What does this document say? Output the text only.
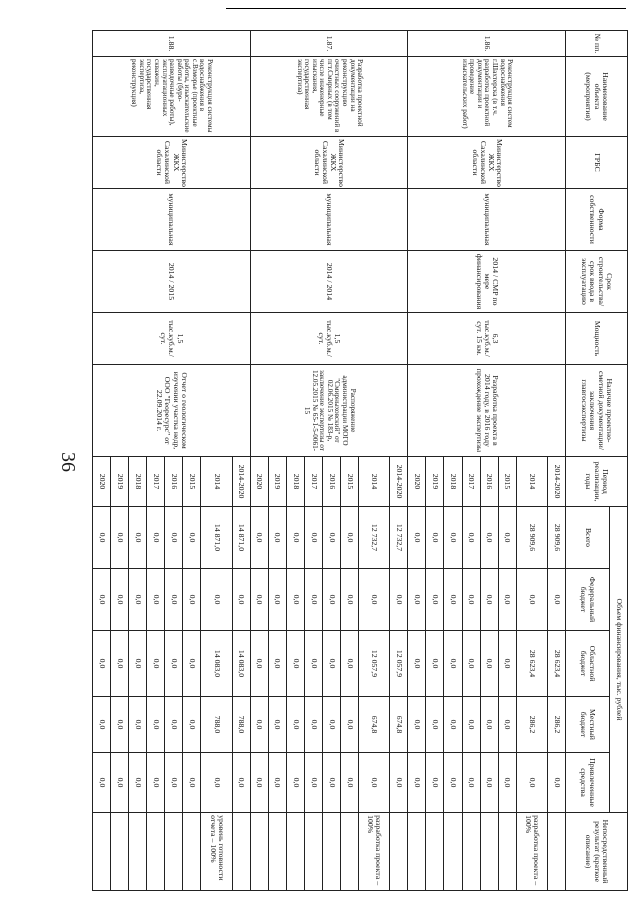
36
№ пп.	Наименование объекта (мероприятия)	ГРБС	Форма собственности	Срок строительства/ срок ввода в эксплуатацию	Мощность	Наличие проектно-сметной документации/ заключения главгосэкспертизы	Период реализации, годы	Объем финансирования, тыс. рублей					Непосредственный результат (краткое описание)
								Всего	Федеральный бюджет	Областной бюджет	Местный бюджет	Привлеченные средства	
1.86.	Реконструкция систем водоснабжения г.Шахтерска (в т.ч. разработка проектной документации и проведение изыскательских работ)	Министерство ЖКХ Сахалинской области	муниципальная	2014 / СМР по мере финансирования	6,3 тыс.куб.м./сут. 15 км.	Разработка проекта в 2014 году, в 2016 году прохождение экспертизы	2014-2020	28 909,6	0,0	28 623,4	286,2	0,0	
							2014	28 909,6	0,0	28 623,4	286,2	0,0	разработка проекта – 100%
							2015	0,0	0,0	0,0	0,0	0,0	
							2016	0,0	0,0	0,0	0,0	0,0	
							2017	0,0	0,0	0,0	0,0	0,0	
							2018	0,0	0,0	0,0	0,0	0,0	
							2019	0,0	0,0	0,0	0,0	0,0	
							2020	0,0	0,0	0,0	0,0	0,0	
1.87.	Разработка проектной документации на реконструкцию очистных сооружений в пгт.Смирных (в том числе инженерные изыскания, государственная экспертиза)	Министерство ЖКХ Сахалинской области	муниципальная	2014 / 2014	1,5 тыс.куб.м./сут.	Распоряжение администрации МОГО "Смирныховский" от 02.06.2015 № 183-р, заключение экспертизы от 12.05.2015 № 65-1-5-0061-15	2014-2020	12 732,7	0,0	12 057,9	674,8	0,0	
							2014	12 732,7	0,0	12 057,9	674,8	0,0	разработка проекта – 100%
							2015	0,0	0,0	0,0	0,0	0,0	
							2016	0,0	0,0	0,0	0,0	0,0	
							2017	0,0	0,0	0,0	0,0	0,0	
							2018	0,0	0,0	0,0	0,0	0,0	
							2019	0,0	0,0	0,0	0,0	0,0	
							2020	0,0	0,0	0,0	0,0	0,0	
1.88.	Реконструкция системы водоснабжения в с.Взморье (проектные работы, изыскательские работы (буро-разведочные работы), эксплуатационных скважин, государственная экспертиза, реконструкция)	Министерство ЖКХ Сахалинской области	муниципальная	2014 / 2015	1,5 тыс.куб.м./сут.	Отчет о геологическом изучении участка недр, ООО "Георесурс" от 22.09.2014 г.	2014-2020	14 871,0	0,0	14 083,0	788,0	0,0	
							2014	14 871,0	0,0	14 083,0	788,0	0,0	уровень готовности отчета – 100%
							2015	0,0	0,0	0,0	0,0	0,0	
							2016	0,0	0,0	0,0	0,0	0,0	
							2017	0,0	0,0	0,0	0,0	0,0	
							2018	0,0	0,0	0,0	0,0	0,0	
							2019	0,0	0,0	0,0	0,0	0,0	
							2020	0,0	0,0	0,0	0,0	0,0	
